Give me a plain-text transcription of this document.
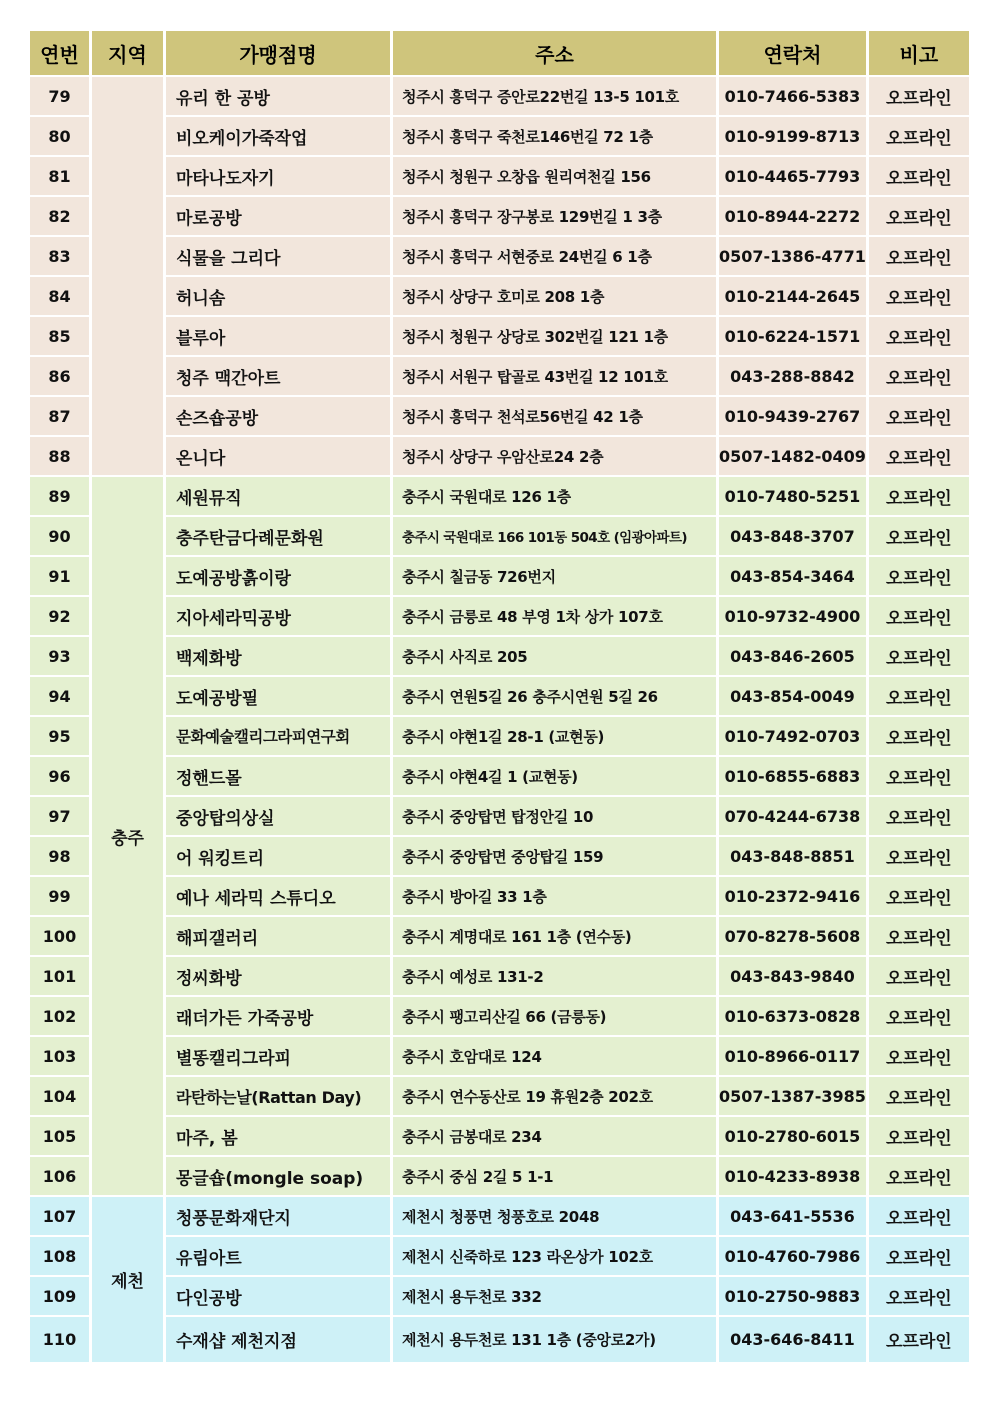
연번	지역	가맹점명	주소	연락처	비고
79		유리 한 공방	청주시 흥덕구 증안로22번길 13-5 101호	010-7466-5383	오프라인
80		비오케이가죽작업	청주시 흥덕구 죽천로146번길 72 1층	010-9199-8713	오프라인
81		마타나도자기	청주시 청원구 오창읍 원리여천길 156	010-4465-7793	오프라인
82		마로공방	청주시 흥덕구 장구봉로 129번길 1 3층	010-8944-2272	오프라인
83		식물을 그리다	청주시 흥덕구 서현중로 24번길 6 1층	0507-1386-4771	오프라인
84		허니솜	청주시 상당구 호미로 208 1층	010-2144-2645	오프라인
85		블루아	청주시 청원구 상당로 302번길 121 1층	010-6224-1571	오프라인
86		청주 맥간아트	청주시 서원구 탑골로 43번길 12 101호	043-288-8842	오프라인
87		손즈숍공방	청주시 흥덕구 천석로56번길 42 1층	010-9439-2767	오프라인
88		온니다	청주시 상당구 우암산로24 2층	0507-1482-0409	오프라인
89	충주	세원뮤직	충주시 국원대로 126 1층	010-7480-5251	오프라인
90		충주탄금다례문화원	충주시 국원대로 166 101동 504호 (임광아파트)	043-848-3707	오프라인
91		도예공방흙이랑	충주시 칠금동 726번지	043-854-3464	오프라인
92		지아세라믹공방	충주시 금릉로 48 부영 1차 상가 107호	010-9732-4900	오프라인
93		백제화방	충주시 사직로 205	043-846-2605	오프라인
94		도예공방필	충주시 연원5길 26 충주시연원 5길 26	043-854-0049	오프라인
95		문화예술캘리그라피연구회	충주시 야현1길 28-1 (교현동)	010-7492-0703	오프라인
96		정핸드몰	충주시 야현4길 1 (교현동)	010-6855-6883	오프라인
97		중앙탑의상실	충주시 중앙탑면 탑정안길 10	070-4244-6738	오프라인
98		어 워킹트리	충주시 중앙탑면 중앙탑길 159	043-848-8851	오프라인
99		예나 세라믹 스튜디오	충주시 방아길 33 1층	010-2372-9416	오프라인
100		해피갤러리	충주시 계명대로 161 1층 (연수동)	070-8278-5608	오프라인
101		정씨화방	충주시 예성로 131-2	043-843-9840	오프라인
102		래더가든 가죽공방	충주시 팽고리산길 66 (금릉동)	010-6373-0828	오프라인
103		별똥캘리그라피	충주시 호암대로 124	010-8966-0117	오프라인
104		라탄하는날(Rattan Day)	충주시 연수동산로 19 휴원2층 202호	0507-1387-3985	오프라인
105		마주, 봄	충주시 금봉대로 234	010-2780-6015	오프라인
106		몽글숍(mongle soap)	충주시 중심 2길 5 1-1	010-4233-8938	오프라인
107	제천	청풍문화재단지	제천시 청풍면 청풍호로 2048	043-641-5536	오프라인
108		유림아트	제천시 신죽하로 123 라온상가 102호	010-4760-7986	오프라인
109		다인공방	제천시 용두천로 332	010-2750-9883	오프라인
110		수재샵 제천지점	제천시 용두천로 131 1층 (중앙로2가)	043-646-8411	오프라인
